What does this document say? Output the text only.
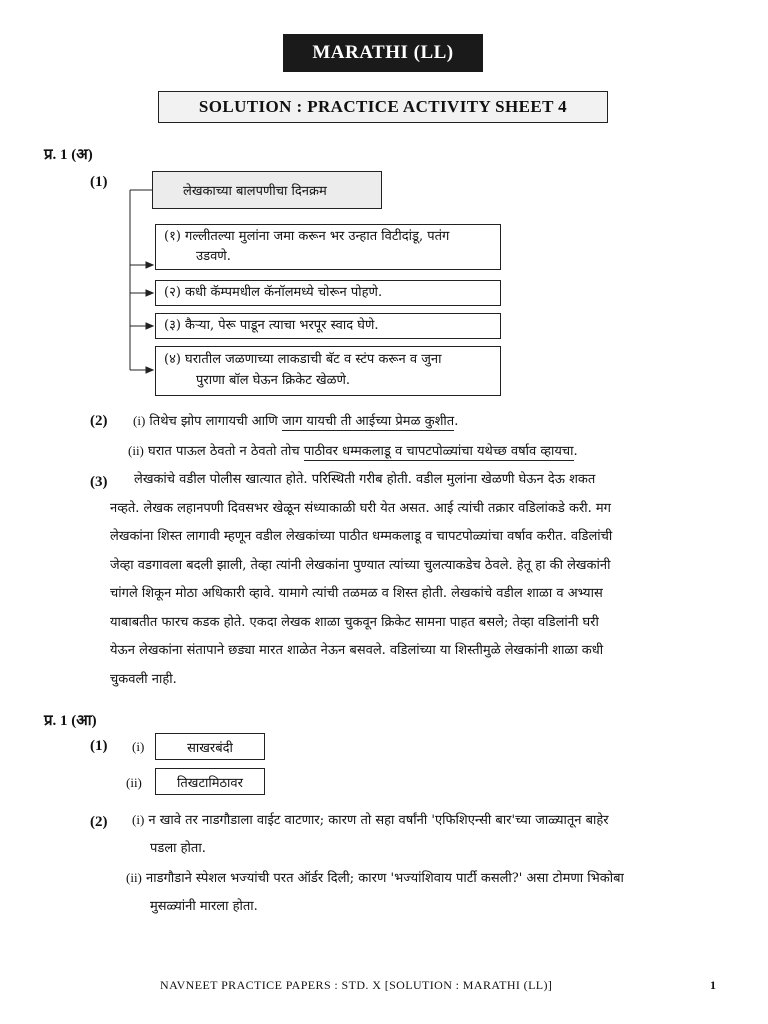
MARATHI (LL)
SOLUTION : PRACTICE ACTIVITY SHEET 4
प्र. 1 (अ)
(1)
लेखकाच्या बालपणीचा दिनक्रम
(१) गल्लीतल्या मुलांना जमा करून भर उन्हात विटीदांडू, पतंग
उडवणे.
(२) कधी कॅम्पमधील कॅनॉलमध्ये चोरून पोहणे.
(३) कैऱ्या, पेरू पाडून त्याचा भरपूर स्वाद घेणे.
(४) घरातील जळणाच्या लाकडाची बॅट व स्टंप करून व जुना
पुराणा बॉल घेऊन क्रिकेट खेळणे.
(2) (i) तिथेच झोप लागायची आणि जाग यायची ती आईच्या प्रेमळ कुशीत.
(ii) घरात पाऊल ठेवतो न ठेवतो तोच पाठीवर धम्मकलाडू व चापटपोळ्यांचा यथेच्छ वर्षाव व्हायचा.
(3)	लेखकांचे वडील पोलीस खात्यात होते. परिस्थिती गरीब होती. वडील मुलांना खेळणी घेऊन देऊ शकत
नव्हते. लेखक लहानपणी दिवसभर खेळून संध्याकाळी घरी येत असत. आई त्यांची तक्रार वडिलांकडे करी. मग
लेखकांना शिस्त लागावी म्हणून वडील लेखकांच्या पाठीत धम्मकलाडू व चापटपोळ्यांचा वर्षाव करीत. वडिलांची
जेव्हा वडगावला बदली झाली, तेव्हा त्यांनी लेखकांना पुण्यात त्यांच्या चुलत्याकडेच ठेवले. हेतू हा की लेखकांनी
चांगले शिकून मोठा अधिकारी व्हावे. यामागे त्यांची तळमळ व शिस्त होती. लेखकांचे वडील शाळा व अभ्यास
याबाबतीत फारच कडक होते. एकदा लेखक शाळा चुकवून क्रिकेट सामना पाहत बसले; तेव्हा वडिलांनी घरी
येऊन लेखकांना संतापाने छड्या मारत शाळेत नेऊन बसवले. वडिलांच्या या शिस्तीमुळे लेखकांनी शाळा कधी
चुकवली नाही.
प्र. 1 (आ)
(1) (i)	साखरबंदी
(ii)	तिखटामिठावर
(2) (i) न खावे तर नाडगौडाला वाईट वाटणार; कारण तो सहा वर्षांनी 'एफिशिएन्सी बार'च्या जाळ्यातून बाहेर
पडला होता.
(ii) नाडगौडाने स्पेशल भज्यांची परत ऑर्डर दिली; कारण 'भज्यांशिवाय पार्टी कसली?' असा टोमणा भिकोबा
मुसळ्यांनी मारला होता.
NAVNEET PRACTICE PAPERS : STD. X [SOLUTION : MARATHI (LL)]	1
